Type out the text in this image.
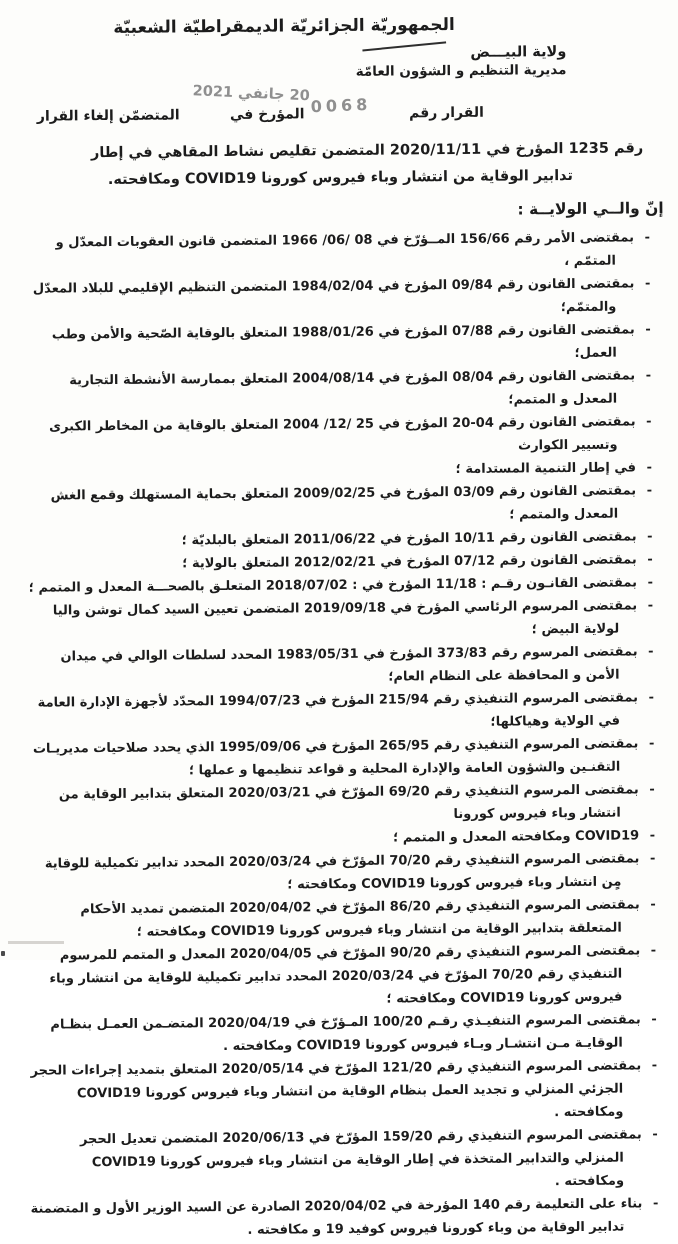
الجمهوريّة الجزائريّة الديمقراطيّة الشعبيّة
ولاية البيـــض
مديرية التنظيم و الشؤون العامّة
القرار رقم0068المؤرخ في
20 جانفي 2021
المتضمّن إلغاء القرار
رقم 1235 المؤرخ في 2020/11/11 المتضمن تقليص نشاط المقاهي في إطار
تدابير الوقاية من انتشار وباء فيروس كورونا COVID19 ومكافحته.
إنّ والــي الولايــة :
-
بمقتضى الأمر رقم 156/66 المــؤرّخ في 08 /06/ 1966 المتضمن قانون العقوبات المعدّل و المتمّم ،
-
بمقتضى القانون رقم 09/84 المؤرخ في 1984/02/04 المتضمن التنظيم الإقليمي للبلاد المعدّل والمتمّم؛
-
بمقتضى القانون رقم 07/88 المؤرخ في 1988/01/26 المتعلق بالوقاية الصّحية والأمن وطب العمل؛
-
بمقتضى القانون رقم 08/04 المؤرخ في 2004/08/14 المتعلق بممارسة الأنشطة التجارية المعدل و المتمم؛
-
بمقتضى القانون رقم 04-20 المؤرخ في 25 /12/ 2004 المتعلق بالوقاية من المخاطر الكبرى وتسيير الكوارث
-
في إطار التنمية المستدامة ؛
-
بمقتضى القانون رقم 03/09 المؤرخ في 2009/02/25 المتعلق بحماية المستهلك وقمع الغش المعدل والمتمم ؛
-
بمقتضى القانون رقم 10/11 المؤرخ في 2011/06/22 المتعلق بالبلديّة ؛
-
بمقتضى القانون رقم 07/12 المؤرخ في 2012/02/21 المتعلق بالولاية ؛
-
بمقتضى القانـون رقـم : 11/18 المؤرخ في : 2018/07/02 المتعلـق بالصحـــة المعدل و المتمم ؛
-
بمقتضى المرسوم الرئاسي المؤرخ في 2019/09/18 المتضمن تعيين السيد كمال توشن واليا لولاية البيض ؛
-
بمقتضى المرسوم رقم 373/83 المؤرخ في 1983/05/31 المحدد لسلطات الوالي في ميدان الأمن و المحافظة على النظام العام؛
-
بمقتضى المرسوم التنفيذي رقم 215/94 المؤرخ في 1994/07/23 المحدّد لأجهزة الإدارة العامة في الولاية وهياكلها؛
-
بمقتضى المرسوم التنفيذي رقم 265/95 المؤرخ في 1995/09/06 الذي يحدد صلاحيات مديريـات التقنـين والشؤون العامة والإدارة المحلية و قواعد تنظيمها و عملها ؛
-
بمقتضى المرسوم التنفيذي رقم 69/20 المؤرّخ في 2020/03/21 المتعلق بتدابير الوقاية من انتشار وباء فيروس كورونا
-
COVID19 ومكافحته المعدل و المتمم ؛
-
بمقتضى المرسوم التنفيذي رقم 70/20 المؤرّخ في 2020/03/24 المحدد تدابير تكميلية للوقاية مٍن انتشار وباء فيروس كورونا COVID19 ومكافحته ؛
-
بمقتضى المرسوم التنفيذي رقم 86/20 المؤرّخ في 2020/04/02 المتضمن تمديد الأحكام المتعلقة بتدابير الوقاية من انتشار وباء فيروس كورونا COVID19 ومكافحته ؛
-
بمقتضى المرسوم التنفيذي رقم 90/20 المؤرّخ في 2020/04/05 المعدل و المتمم للمرسوم التنفيذي رقم 70/20 المؤرّخ في 2020/03/24 المحدد تدابير تكميلية للوقاية من انتشار وباء فيروس كورونا COVID19 ومكافحته ؛
-
بمقتضى المرسوم التنفيـذي رقـم 100/20 المـؤرّخ في 2020/04/19 المتضـمن العمـل بنظـام الوقايـة مـن انتشـار وبـاء فيروس كورونا COVID19 ومكافحته .
-
بمقتضى المرسوم التنفيذي رقم 121/20 المؤرّخ في 2020/05/14 المتعلق بتمديد إجراءات الحجر الجزئي المنزلي و تجديد العمل بنظام الوقاية من انتشار وباء فيروس كورونا COVID19 ومكافحته .
-
بمقتضى المرسوم التنفيذي رقم 159/20 المؤرّخ في 2020/06/13 المتضمن تعديل الحجر المنزلي والتدابير المتخذة في إطار الوقاية من انتشار وباء فيروس كورونا COVID19 ومكافحته .
-
بناء على التعليمة رقم 140 المؤرخة في 2020/04/02 الصادرة عن السيد الوزير الأول و المتضمنة تدابير الوقاية من وباء كورونا فيروس كوفيد 19 و مكافحته .
